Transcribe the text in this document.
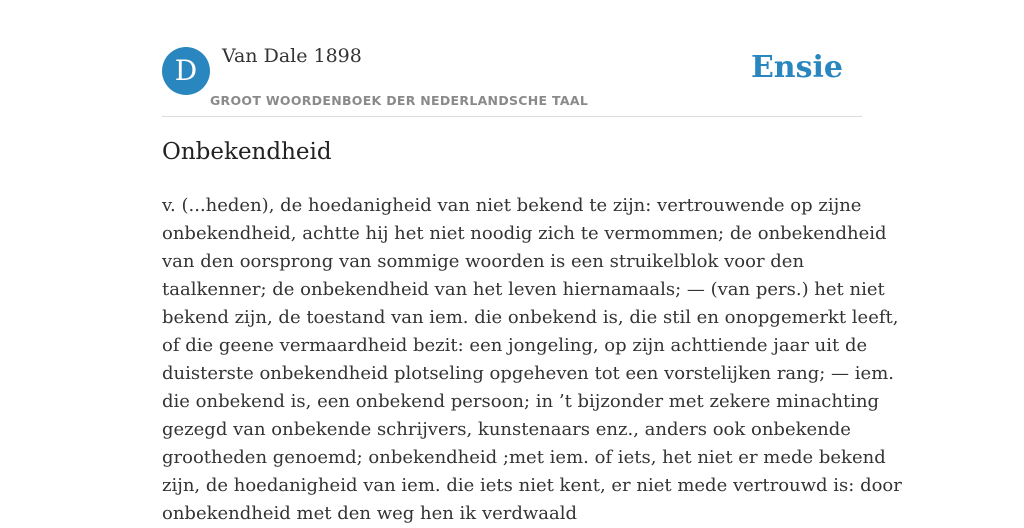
D	Van Dale 1898
GROOT WOORDENBOEK DER NEDERLANDSCHE TAAL
Ensie
Onbekendheid
v. (...heden), de hoedanigheid van niet bekend te zijn: vertrouwende op zijne
onbekendheid, achtte hij het niet noodig zich te vermommen; de onbekendheid
van den oorsprong van sommige woorden is een struikelblok voor den
taalkenner; de onbekendheid van het leven hiernamaals; — (van pers.) het niet
bekend zijn, de toestand van iem. die onbekend is, die stil en onopgemerkt leeft,
of die geene vermaardheid bezit: een jongeling, op zijn achttiende jaar uit de
duisterste onbekendheid plotseling opgeheven tot een vorstelijken rang; — iem.
die onbekend is, een onbekend persoon; in ’t bijzonder met zekere minachting
gezegd van onbekende schrijvers, kunstenaars enz., anders ook onbekende
grootheden genoemd; onbekendheid ;met iem. of iets, het niet er mede bekend
zijn, de hoedanigheid van iem. die iets niet kent, er niet mede vertrouwd is: door
onbekendheid met den weg hen ik verdwaald
